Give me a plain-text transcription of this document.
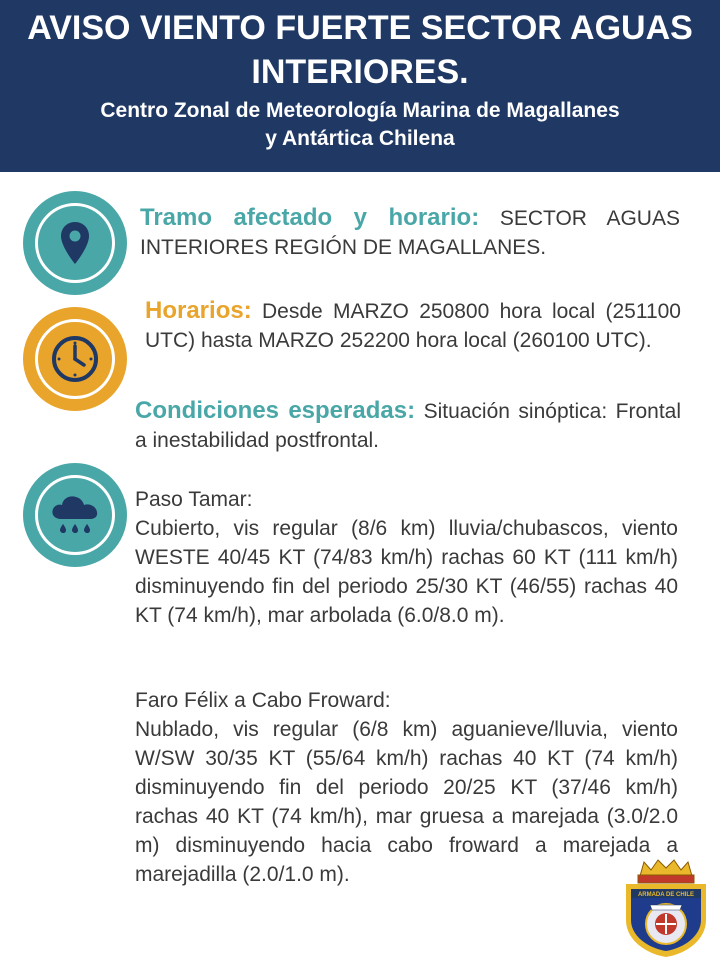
AVISO VIENTO FUERTE SECTOR AGUAS INTERIORES.

Centro Zonal de Meteorología Marina de Magallanes
y Antártica Chilena

Tramo afectado y horario: SECTOR AGUAS INTERIORES REGIÓN DE MAGALLANES.

Horarios: Desde MARZO 250800 hora local (251100 UTC) hasta MARZO 252200 hora local (260100 UTC).

Condiciones esperadas: Situación sinóptica: Frontal a inestabilidad postfrontal.

Paso Tamar:
Cubierto, vis regular (8/6 km) lluvia/chubascos, viento WESTE 40/45 KT (74/83 km/h) rachas 60 KT (111 km/h) disminuyendo fin del periodo 25/30 KT (46/55) rachas 40 KT (74 km/h), mar arbolada (6.0/8.0 m).
Faro Félix a Cabo Froward:
Nublado, vis regular (6/8 km) aguanieve/lluvia, viento W/SW 30/35 KT (55/64 km/h) rachas 40 KT (74 km/h) disminuyendo fin del periodo 20/25 KT (37/46 km/h) rachas 40 KT (74 km/h), mar gruesa a marejada (3.0/2.0 m) disminuyendo hacia cabo froward a marejada a marejadilla (2.0/1.0 m).
ARMADA DE CHILE
